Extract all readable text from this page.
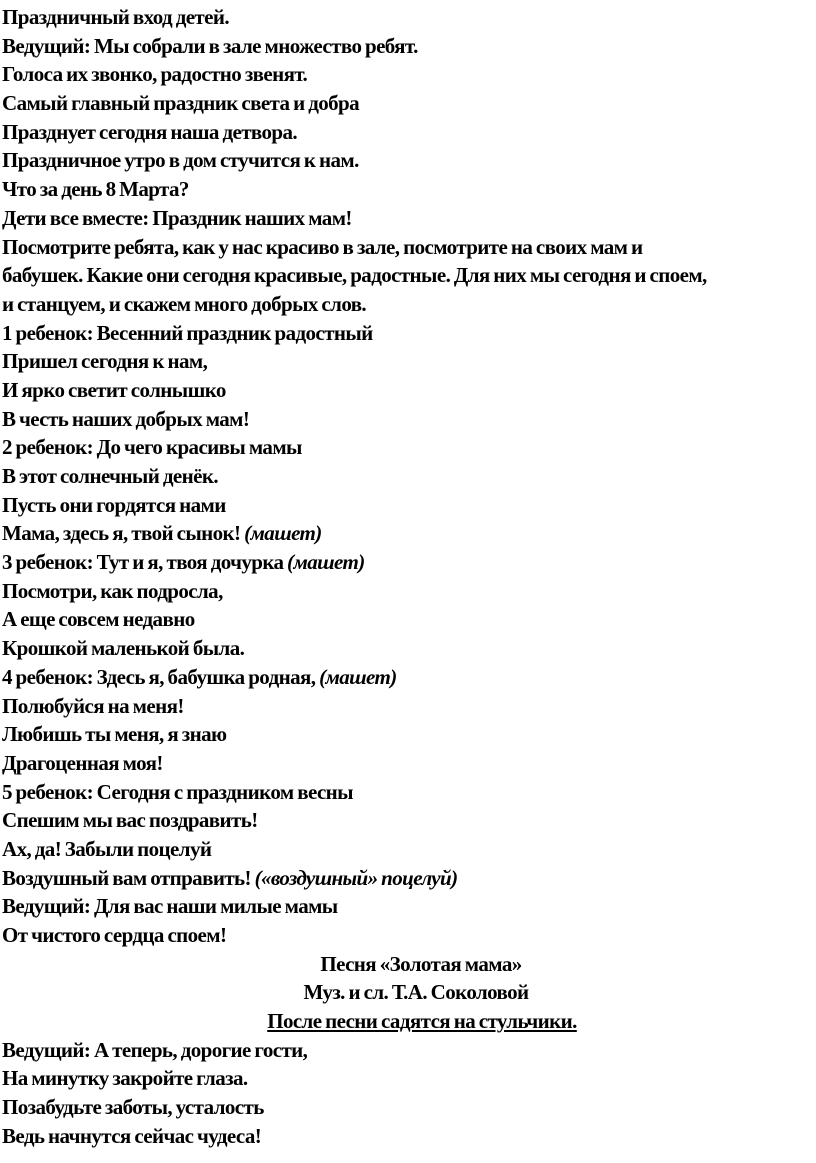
Праздничный вход детей.
Ведущий: Мы собрали в зале множество ребят.
Голоса их звонко, радостно звенят.
Самый главный праздник света и добра
Празднует сегодня наша детвора.
Праздничное утро в дом стучится к нам.
Что за день 8 Марта?
Дети все вместе: Праздник наших мам!
Посмотрите ребята, как у нас красиво в зале, посмотрите на своих мам и
бабушек. Какие они сегодня красивые, радостные. Для них мы сегодня и споем,
и станцуем, и скажем много добрых слов.
1 ребенок: Весенний праздник радостный
Пришел сегодня к нам,
И ярко светит солнышко
В честь наших добрых мам!
2 ребенок: До чего красивы мамы
В этот солнечный денёк.
Пусть они гордятся нами
Мама, здесь я, твой сынок! (машет)
3 ребенок: Тут и я, твоя дочурка (машет)
Посмотри, как подросла,
А еще совсем недавно
Крошкой маленькой была.
4 ребенок: Здесь я, бабушка родная, (машет)
Полюбуйся на меня!
Любишь ты меня, я знаю
Драгоценная моя!
5 ребенок: Сегодня с праздником весны
Спешим мы вас поздравить!
Ах, да! Забыли поцелуй
Воздушный вам отправить! («воздушный» поцелуй)
Ведущий: Для вас наши милые мамы
От чистого сердца споем!
Песня «Золотая мама»
Муз. и сл. Т.А. Соколовой
После песни садятся на стульчики.
Ведущий: А теперь, дорогие гости,
На минутку закройте глаза.
Позабудьте заботы, усталость
Ведь начнутся сейчас чудеса!
